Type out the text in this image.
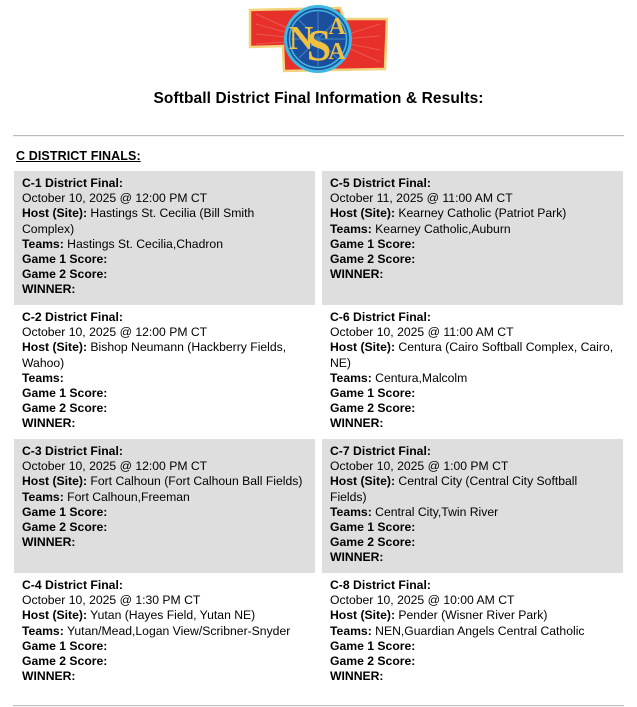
N
S
A
A
Softball District Final Information & Results:
C DISTRICT FINALS:
C-1 District Final:
October 10, 2025 @ 12:00 PM CT
Host (Site): Hastings St. Cecilia (Bill Smith Complex)
Teams: Hastings St. Cecilia,Chadron
Game 1 Score:
Game 2 Score:
WINNER:
C-5 District Final:
October 11, 2025 @ 11:00 AM CT
Host (Site): Kearney Catholic (Patriot Park)
Teams: Kearney Catholic,Auburn
Game 1 Score:
Game 2 Score:
WINNER:
C-2 District Final:
October 10, 2025 @ 12:00 PM CT
Host (Site): Bishop Neumann (Hackberry Fields, Wahoo)
Teams:
Game 1 Score:
Game 2 Score:
WINNER:
C-6 District Final:
October 10, 2025 @ 11:00 AM CT
Host (Site): Centura (Cairo Softball Complex, Cairo, NE)
Teams: Centura,Malcolm
Game 1 Score:
Game 2 Score:
WINNER:
C-3 District Final:
October 10, 2025 @ 12:00 PM CT
Host (Site): Fort Calhoun (Fort Calhoun Ball Fields)
Teams: Fort Calhoun,Freeman
Game 1 Score:
Game 2 Score:
WINNER:
C-7 District Final:
October 10, 2025 @ 1:00 PM CT
Host (Site): Central City (Central City Softball Fields)
Teams: Central City,Twin River
Game 1 Score:
Game 2 Score:
WINNER:
C-4 District Final:
October 10, 2025 @ 1:30 PM CT
Host (Site): Yutan (Hayes Field, Yutan NE)
Teams: Yutan/Mead,Logan View/Scribner-Snyder
Game 1 Score:
Game 2 Score:
WINNER:
C-8 District Final:
October 10, 2025 @ 10:00 AM CT
Host (Site): Pender (Wisner River Park)
Teams: NEN,Guardian Angels Central Catholic
Game 1 Score:
Game 2 Score:
WINNER:
